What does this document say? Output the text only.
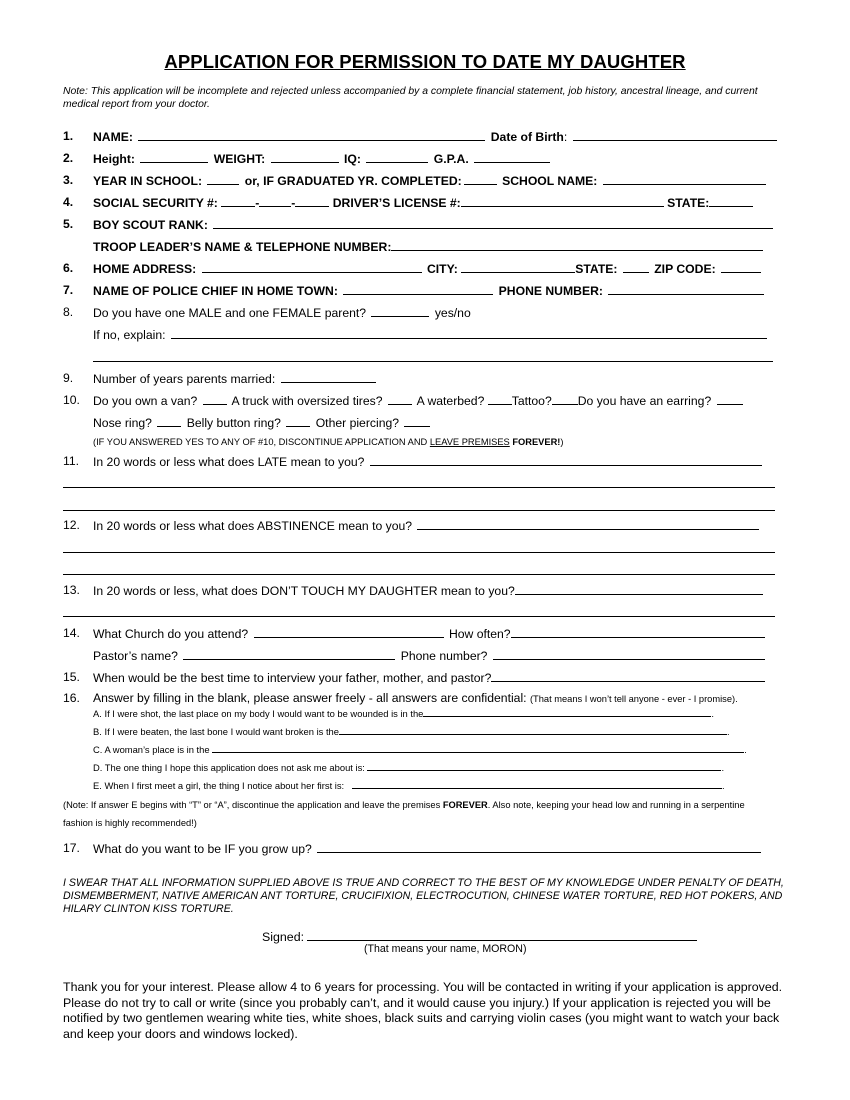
APPLICATION FOR PERMISSION TO DATE MY DAUGHTER
Note: This application will be incomplete and rejected unless accompanied by a complete financial statement, job history, ancestral lineage, and current medical report from your doctor.
1. NAME:	Date of Birth:
2. Height:	WEIGHT:	IQ:	G.P.A.
3. YEAR IN SCHOOL:	or, IF GRADUATED YR. COMPLETED:	SCHOOL NAME:
4. SOCIAL SECURITY #:	-	-	DRIVER’S LICENSE #:	STATE:
5. BOY SCOUT RANK:
TROOP LEADER’S NAME & TELEPHONE NUMBER:
6. HOME ADDRESS:	CITY:	STATE:	ZIP CODE:
7. NAME OF POLICE CHIEF IN HOME TOWN:	PHONE NUMBER:
8. Do you have one MALE and one FEMALE parent?	yes/no
If no, explain:
9. Number of years parents married:
10. Do you own a van?	A truck with oversized tires?	A waterbed? Tattoo? Do you have an earring?
Nose ring?	Belly button ring?	Other piercing?
(IF YOU ANSWERED YES TO ANY OF #10, DISCONTINUE APPLICATION AND LEAVE PREMISES FOREVER!)
11. In 20 words or less what does LATE mean to you?
12. In 20 words or less what does ABSTINENCE mean to you?
13. In 20 words or less, what does DON’T TOUCH MY DAUGHTER mean to you?
14. What Church do you attend?	How often?
Pastor’s name?	Phone number?
15. When would be the best time to interview your father, mother, and pastor?
16. Answer by filling in the blank, please answer freely - all answers are confidential: (That means I won’t tell anyone - ever - I promise).
A. If I were shot, the last place on my body I would want to be wounded is in the	.
B. If I were beaten, the last bone I would want broken is the	.
C. A woman’s place is in the	.
D. The one thing I hope this application does not ask me about is:	.
E. When I first meet a girl, the thing I notice about her first is:	.
(Note: If answer E begins with “T” or “A”, discontinue the application and leave the premises FOREVER. Also note, keeping your head low and running in a serpentine
fashion is highly recommended!)
17. What do you want to be IF you grow up?
I SWEAR THAT ALL INFORMATION SUPPLIED ABOVE IS TRUE AND CORRECT TO THE BEST OF MY KNOWLEDGE UNDER PENALTY OF DEATH, DISMEMBERMENT, NATIVE AMERICAN ANT TORTURE, CRUCIFIXION, ELECTROCUTION, CHINESE WATER TORTURE, RED HOT POKERS, AND HILARY CLINTON KISS TORTURE.
Signed:
(That means your name, MORON)
Thank you for your interest. Please allow 4 to 6 years for processing. You will be contacted in writing if your application is approved. Please do not try to call or write (since you probably can’t, and it would cause you injury.) If your application is rejected you will be notified by two gentlemen wearing white ties, white shoes, black suits and carrying violin cases (you might want to watch your back and keep your doors and windows locked).
